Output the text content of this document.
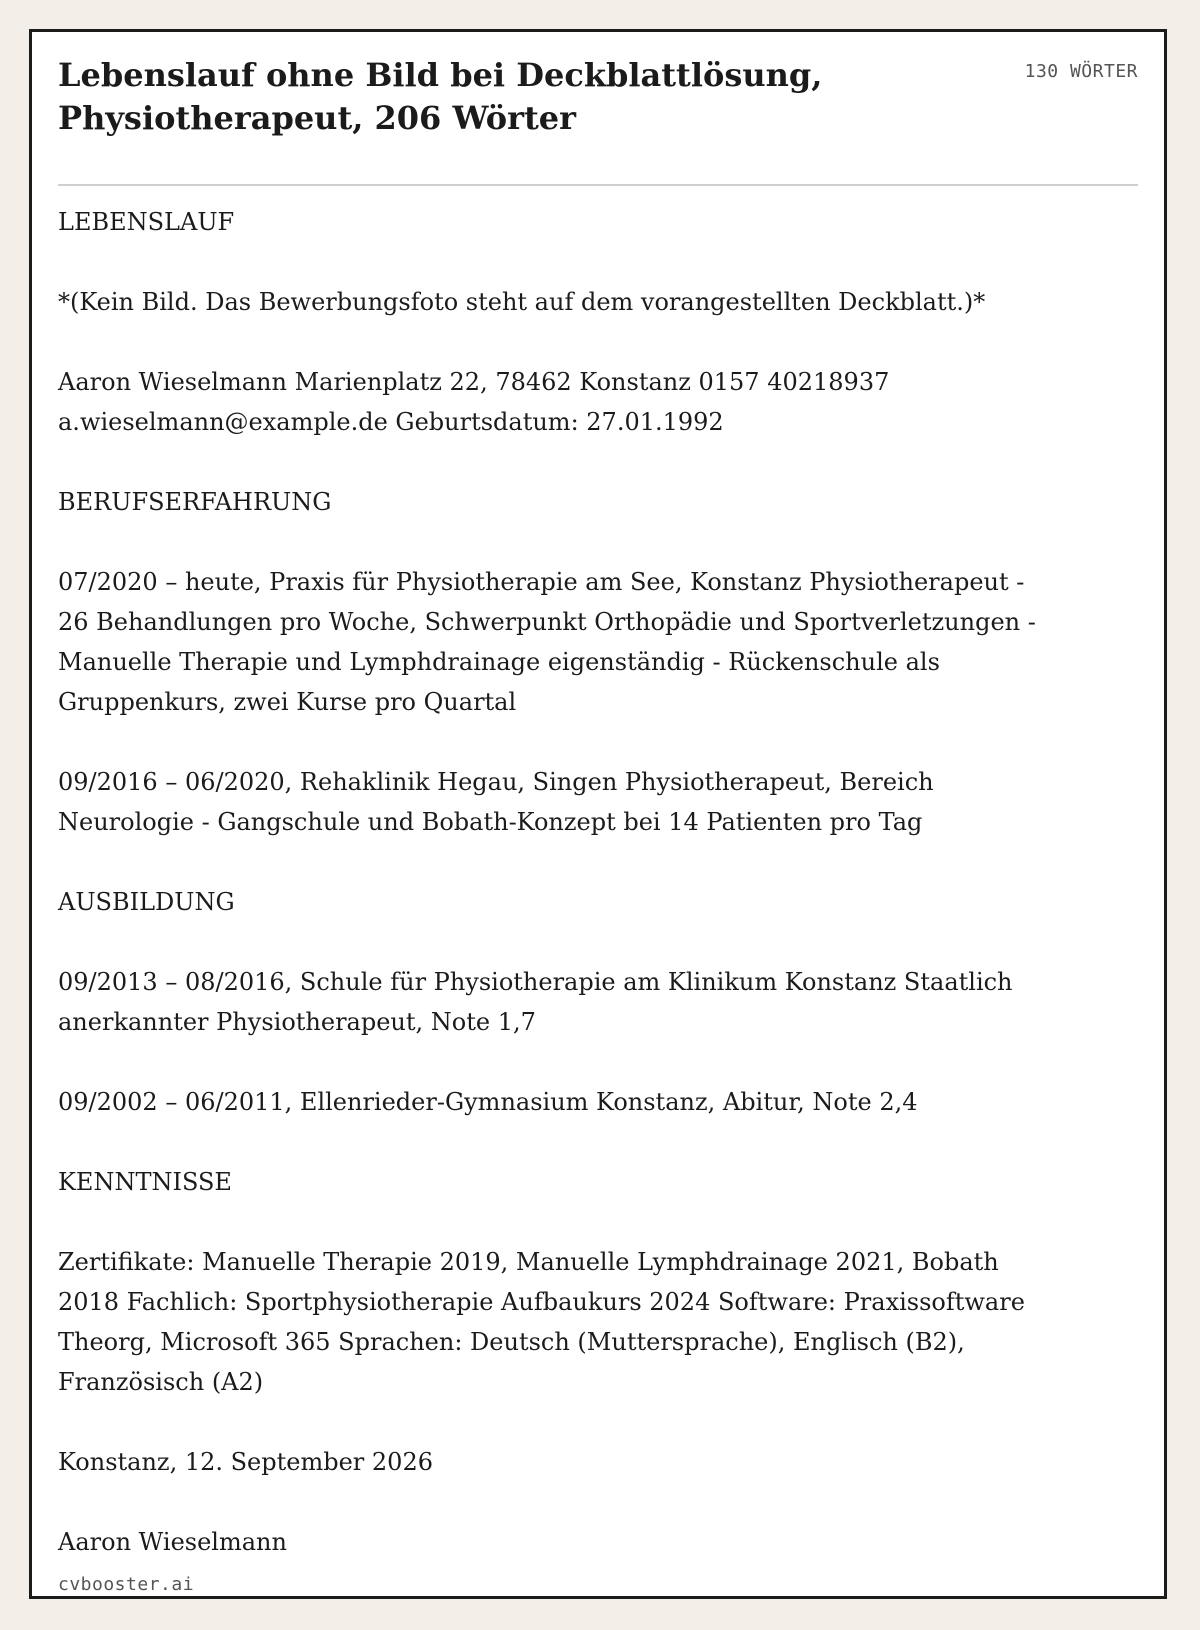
Lebenslauf ohne Bild bei Deckblattlösung, Physiotherapeut, 206 Wörter
130 WÖRTER

LEBENSLAUF

*(Kein Bild. Das Bewerbungsfoto steht auf dem vorangestellten Deckblatt.)*

Aaron Wieselmann Marienplatz 22, 78462 Konstanz 0157 40218937 a.wieselmann@example.de Geburtsdatum: 27.01.1992

BERUFSERFAHRUNG

07/2020 – heute, Praxis für Physiotherapie am See, Konstanz Physiotherapeut - 26 Behandlungen pro Woche, Schwerpunkt Orthopädie und Sportverletzungen - Manuelle Therapie und Lymphdrainage eigenständig - Rückenschule als Gruppenkurs, zwei Kurse pro Quartal

09/2016 – 06/2020, Rehaklinik Hegau, Singen Physiotherapeut, Bereich Neurologie - Gangschule und Bobath-Konzept bei 14 Patienten pro Tag

AUSBILDUNG

09/2013 – 08/2016, Schule für Physiotherapie am Klinikum Konstanz Staatlich anerkannter Physiotherapeut, Note 1,7

09/2002 – 06/2011, Ellenrieder-Gymnasium Konstanz, Abitur, Note 2,4

KENNTNISSE

Zertifikate: Manuelle Therapie 2019, Manuelle Lymphdrainage 2021, Bobath 2018 Fachlich: Sportphysiotherapie Aufbaukurs 2024 Software: Praxissoftware Theorg, Microsoft 365 Sprachen: Deutsch (Muttersprache), Englisch (B2), Französisch (A2)

Konstanz, 12. September 2026

Aaron Wieselmann

cvbooster.ai
